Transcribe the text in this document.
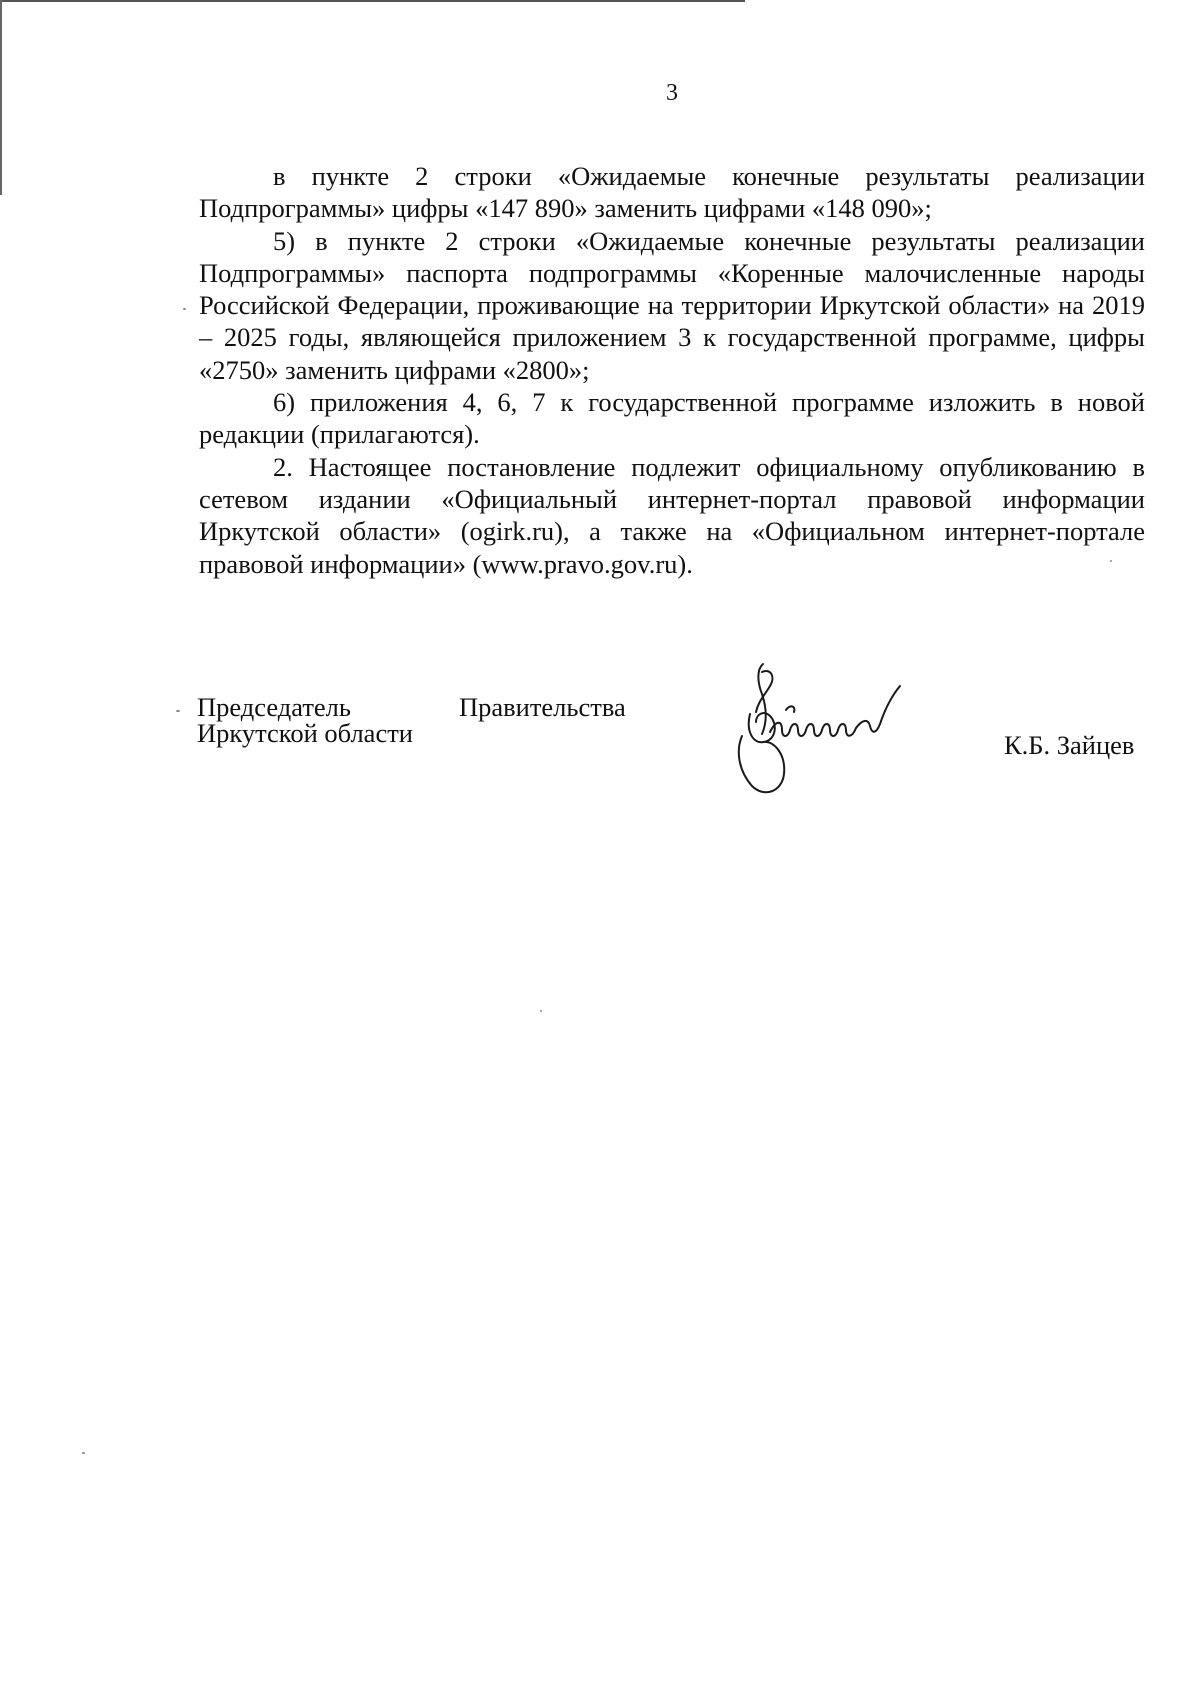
3

в пункте 2 строки «Ожидаемые конечные результаты реализации Подпрограммы» цифры «147 890» заменить цифрами «148 090»;

5) в пункте 2 строки «Ожидаемые конечные результаты реализации Подпрограммы» паспорта подпрограммы «Коренные малочисленные народы Российской Федерации, проживающие на территории Иркутской области» на 2019 – 2025 годы, являющейся приложением 3 к государственной программе, цифры «2750» заменить цифрами «2800»;

6) приложения 4, 6, 7 к государственной программе изложить в новой редакции (прилагаются).

2. Настоящее постановление подлежит официальному опубликованию в сетевом издании «Официальный интернет-портал правовой информации Иркутской области» (ogirk.ru), а также на «Официальном интернет-портале правовой информации» (www.pravo.gov.ru).

Председатель	Правительства
Иркутской области	К.Б. Зайцев
